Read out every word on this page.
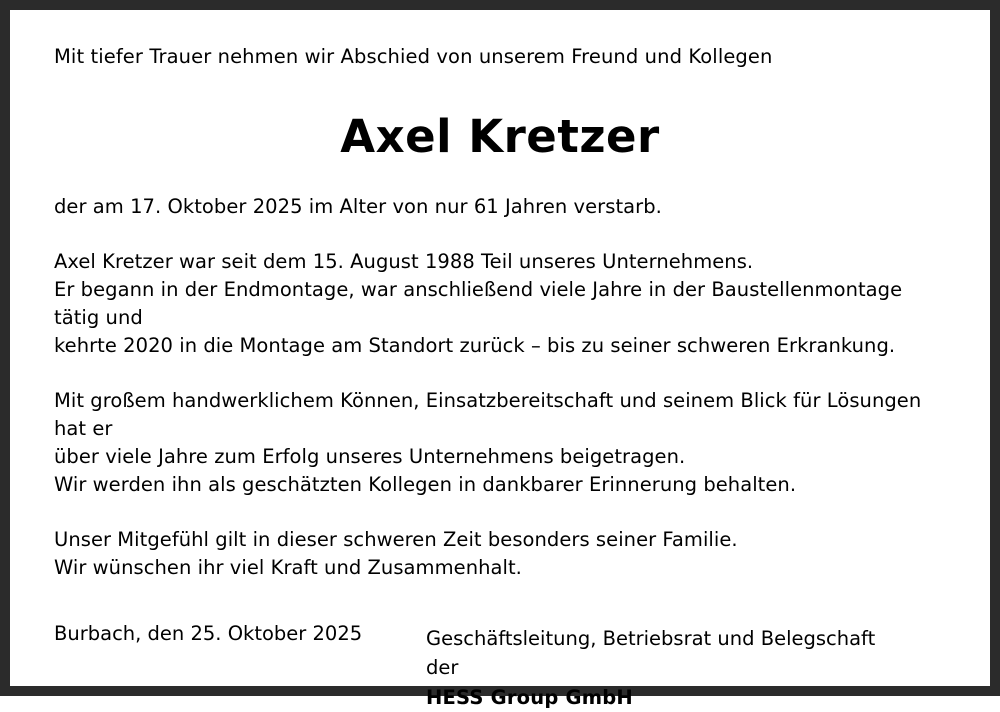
Mit tiefer Trauer nehmen wir Abschied von unserem Freund und Kollegen

Axel Kretzer

der am 17. Oktober 2025 im Alter von nur 61 Jahren verstarb.

Axel Kretzer war seit dem 15. August 1988 Teil unseres Unternehmens.

Er begann in der Endmontage, war anschließend viele Jahre in der Baustellenmontage tätig und

kehrte 2020 in die Montage am Standort zurück – bis zu seiner schweren Erkrankung.

Mit großem handwerklichem Können, Einsatzbereitschaft und seinem Blick für Lösungen hat er

über viele Jahre zum Erfolg unseres Unternehmens beigetragen.

Wir werden ihn als geschätzten Kollegen in dankbarer Erinnerung behalten.

Unser Mitgefühl gilt in dieser schweren Zeit besonders seiner Familie.

Wir wünschen ihr viel Kraft und Zusammenhalt.

Geschäftsleitung, Betriebsrat und Belegschaft
der
HESS Group GmbH

Burbach, den 25. Oktober 2025
